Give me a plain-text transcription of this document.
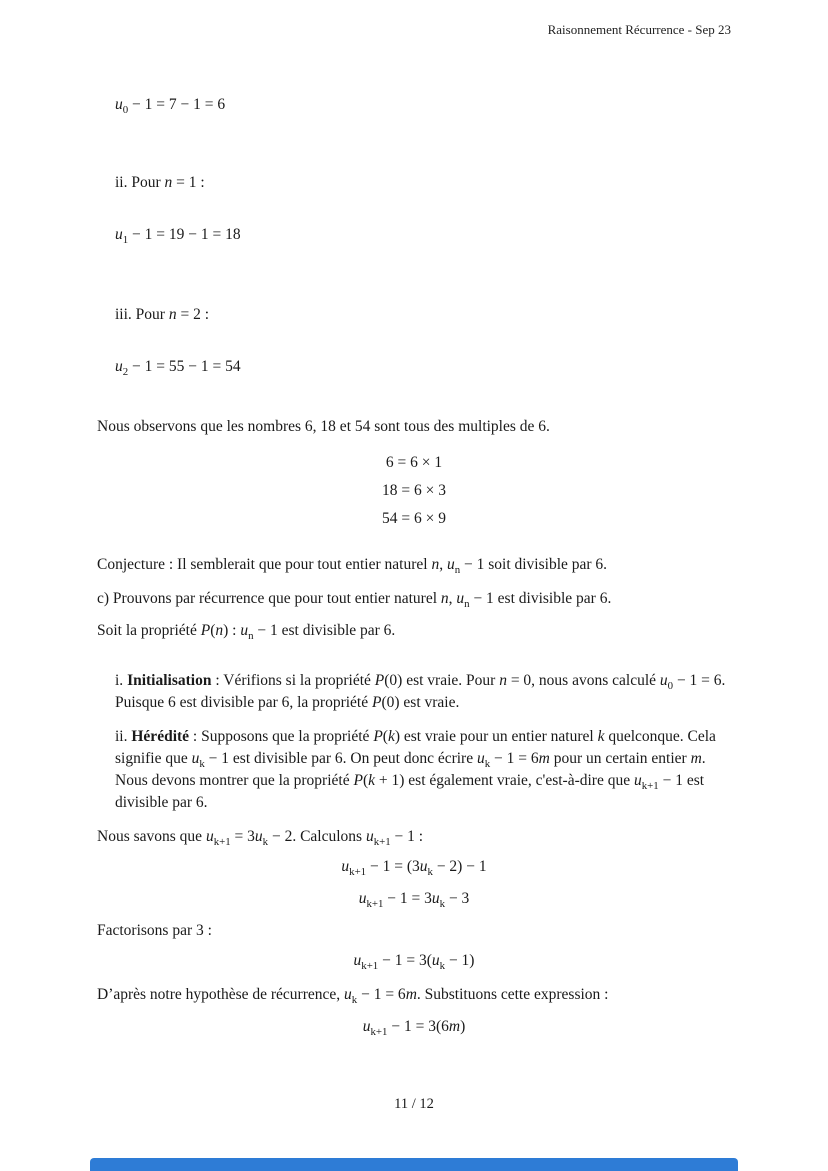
Raisonnement Récurrence - Sep 23

$u_0 - 1 = 7 - 1 = 6$

ii. Pour n = 1 :

$u_1 - 1 = 19 - 1 = 18$

iii. Pour n = 2 :

$u_2 - 1 = 55 - 1 = 54$

Nous observons que les nombres 6, 18 et 54 sont tous des multiples de 6.

6 = 6 × 1

18 = 6 × 3

54 = 6 × 9

Conjecture : Il semblerait que pour tout entier naturel n, $u_n - 1$ soit divisible par 6.

c) Prouvons par récurrence que pour tout entier naturel n, $u_n - 1$ est divisible par 6.

Soit la propriété P(n) : $u_n - 1$ est divisible par 6.

i. Initialisation : Vérifions si la propriété P(0) est vraie. Pour n = 0, nous avons calculé $u_0 - 1 = 6$. Puisque 6 est divisible par 6, la propriété P(0) est vraie.

ii. Hérédité : Supposons que la propriété P(k) est vraie pour un entier naturel k quelconque. Cela signifie que $u_k - 1$ est divisible par 6. On peut donc écrire $u_k - 1 = 6m$ pour un certain entier m. Nous devons montrer que la propriété P(k + 1) est également vraie, c'est-à-dire que $u_{k+1} - 1$ est divisible par 6.

Nous savons que $u_{k+1} = 3u_k - 2$. Calculons $u_{k+1} - 1$ :

$u_{k+1} - 1 = (3u_k - 2) - 1$

$u_{k+1} - 1 = 3u_k - 3$

Factorisons par 3 :

$u_{k+1} - 1 = 3(u_k - 1)$

D’après notre hypothèse de récurrence, $u_k - 1 = 6m$. Substituons cette expression :

$u_{k+1} - 1 = 3(6m)$

11 / 12
